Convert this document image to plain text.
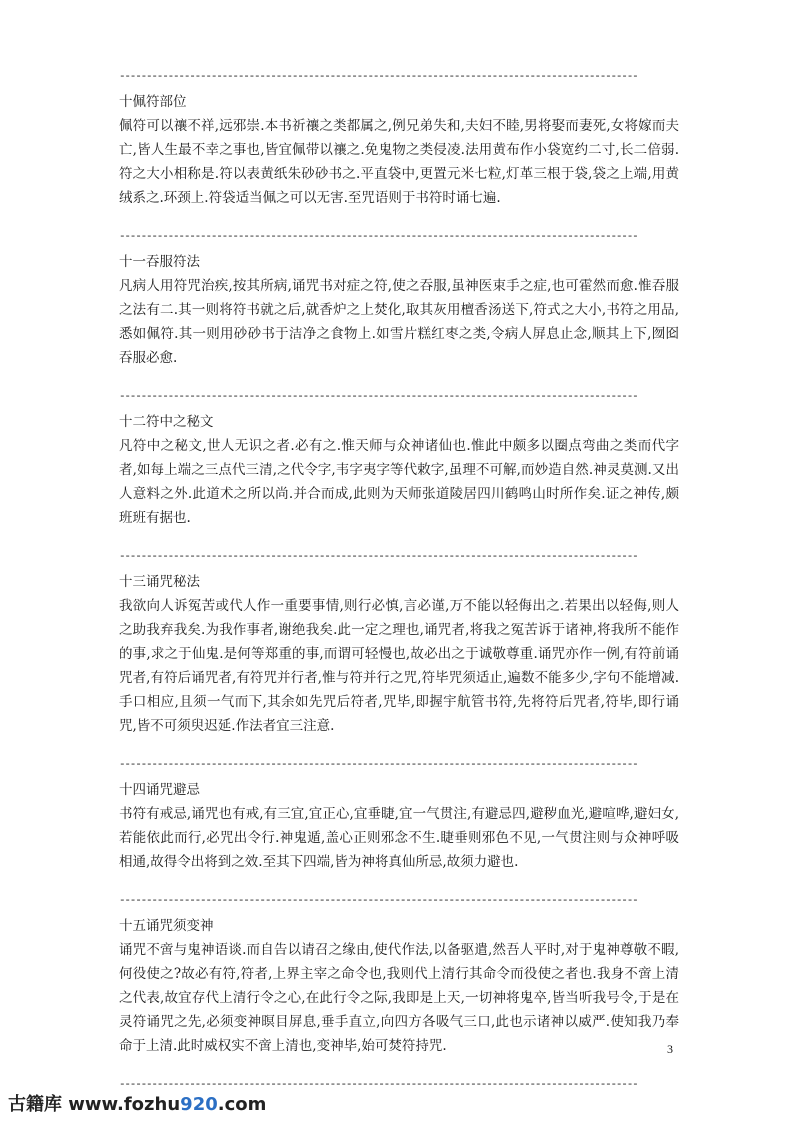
------------------------------------------------------------------------------------------------

十佩符部位

佩符可以禳不祥,远邪崇.本书祈禳之类都属之,例兄弟失和,夫妇不睦,男将娶而妻死,女将嫁而夫亡,皆人生最不幸之事也,皆宜佩带以禳之.免鬼物之类侵凌.法用黄布作小袋宽约二寸,长二倍弱.符之大小相称是.符以表黄纸朱砂砂书之.平直袋中,更置元米七粒,灯革三根于袋,袋之上端,用黄绒系之.环颈上.符袋适当佩之可以无害.至咒语则于书符时诵七遍.

------------------------------------------------------------------------------------------------

十一吞服符法

凡病人用符咒治疾,按其所病,诵咒书对症之符,使之吞服,虽神医束手之症,也可霍然而愈.惟吞服之法有二.其一则将符书就之后,就香炉之上焚化,取其灰用檀香汤送下,符式之大小,书符之用品,悉如佩符.其一则用砂砂书于洁净之食物上.如雪片糕红枣之类,令病人屏息止念,顺其上下,囫囵吞服必愈.

------------------------------------------------------------------------------------------------

十二符中之秘文

凡符中之秘文,世人无识之者.必有之.惟天师与众神诸仙也.惟此中颇多以圈点弯曲之类而代字者,如每上端之三点代三清,之代令字,韦字夷字等代敕字,虽理不可解,而妙造自然.神灵莫测.又出人意料之外.此道术之所以尚.并合而成,此则为天师张道陵居四川鹤鸣山时所作矣.证之神传,颇班班有据也.

------------------------------------------------------------------------------------------------

十三诵咒秘法

我欲向人诉冤苦或代人作一重要事情,则行必慎,言必谨,万不能以轻侮出之.若果出以轻侮,则人之助我弃我矣.为我作事者,谢绝我矣.此一定之理也,诵咒者,将我之冤苦诉于诸神,将我所不能作的事,求之于仙鬼.是何等郑重的事,而谓可轻慢也,故必出之于诚敬尊重.诵咒亦作一例,有符前诵咒者,有符后诵咒者,有符咒并行者,惟与符并行之咒,符毕咒须适止,遍数不能多少,字句不能增减.手口相应,且须一气而下,其余如先咒后符者,咒毕,即握宇航管书符,先将符后咒者,符毕,即行诵咒,皆不可须臾迟延.作法者宜三注意.

------------------------------------------------------------------------------------------------

十四诵咒避忌

书符有戒忌,诵咒也有戒,有三宜,宜正心,宜垂睫,宜一气贯注,有避忌四,避秽血光,避喧哗,避妇女,若能依此而行,必咒出令行.神鬼遁,盖心正则邪念不生.睫垂则邪色不见,一气贯注则与众神呼吸相通,故得令出将到之效.至其下四端,皆为神将真仙所忌,故须力避也.

------------------------------------------------------------------------------------------------

十五诵咒须变神

诵咒不啻与鬼神语谈.而自告以请召之缘由,使代作法,以备驱遣,然吾人平时,对于鬼神尊敬不暇,何役使之?故必有符,符者,上界主宰之命令也,我则代上清行其命令而役使之者也.我身不啻上清之代表,故宜存代上清行令之心,在此行令之际,我即是上天,一切神将鬼卒,皆当听我号令,于是在灵符诵咒之先,必须变神暝目屏息,垂手直立,向四方各吸气三口,此也示诸神以威严.使知我乃奉命于上清.此时威权实不啻上清也,变神毕,始可焚符持咒.

------------------------------------------------------------------------------------------------
3
古籍库 www.fozhu920.com
